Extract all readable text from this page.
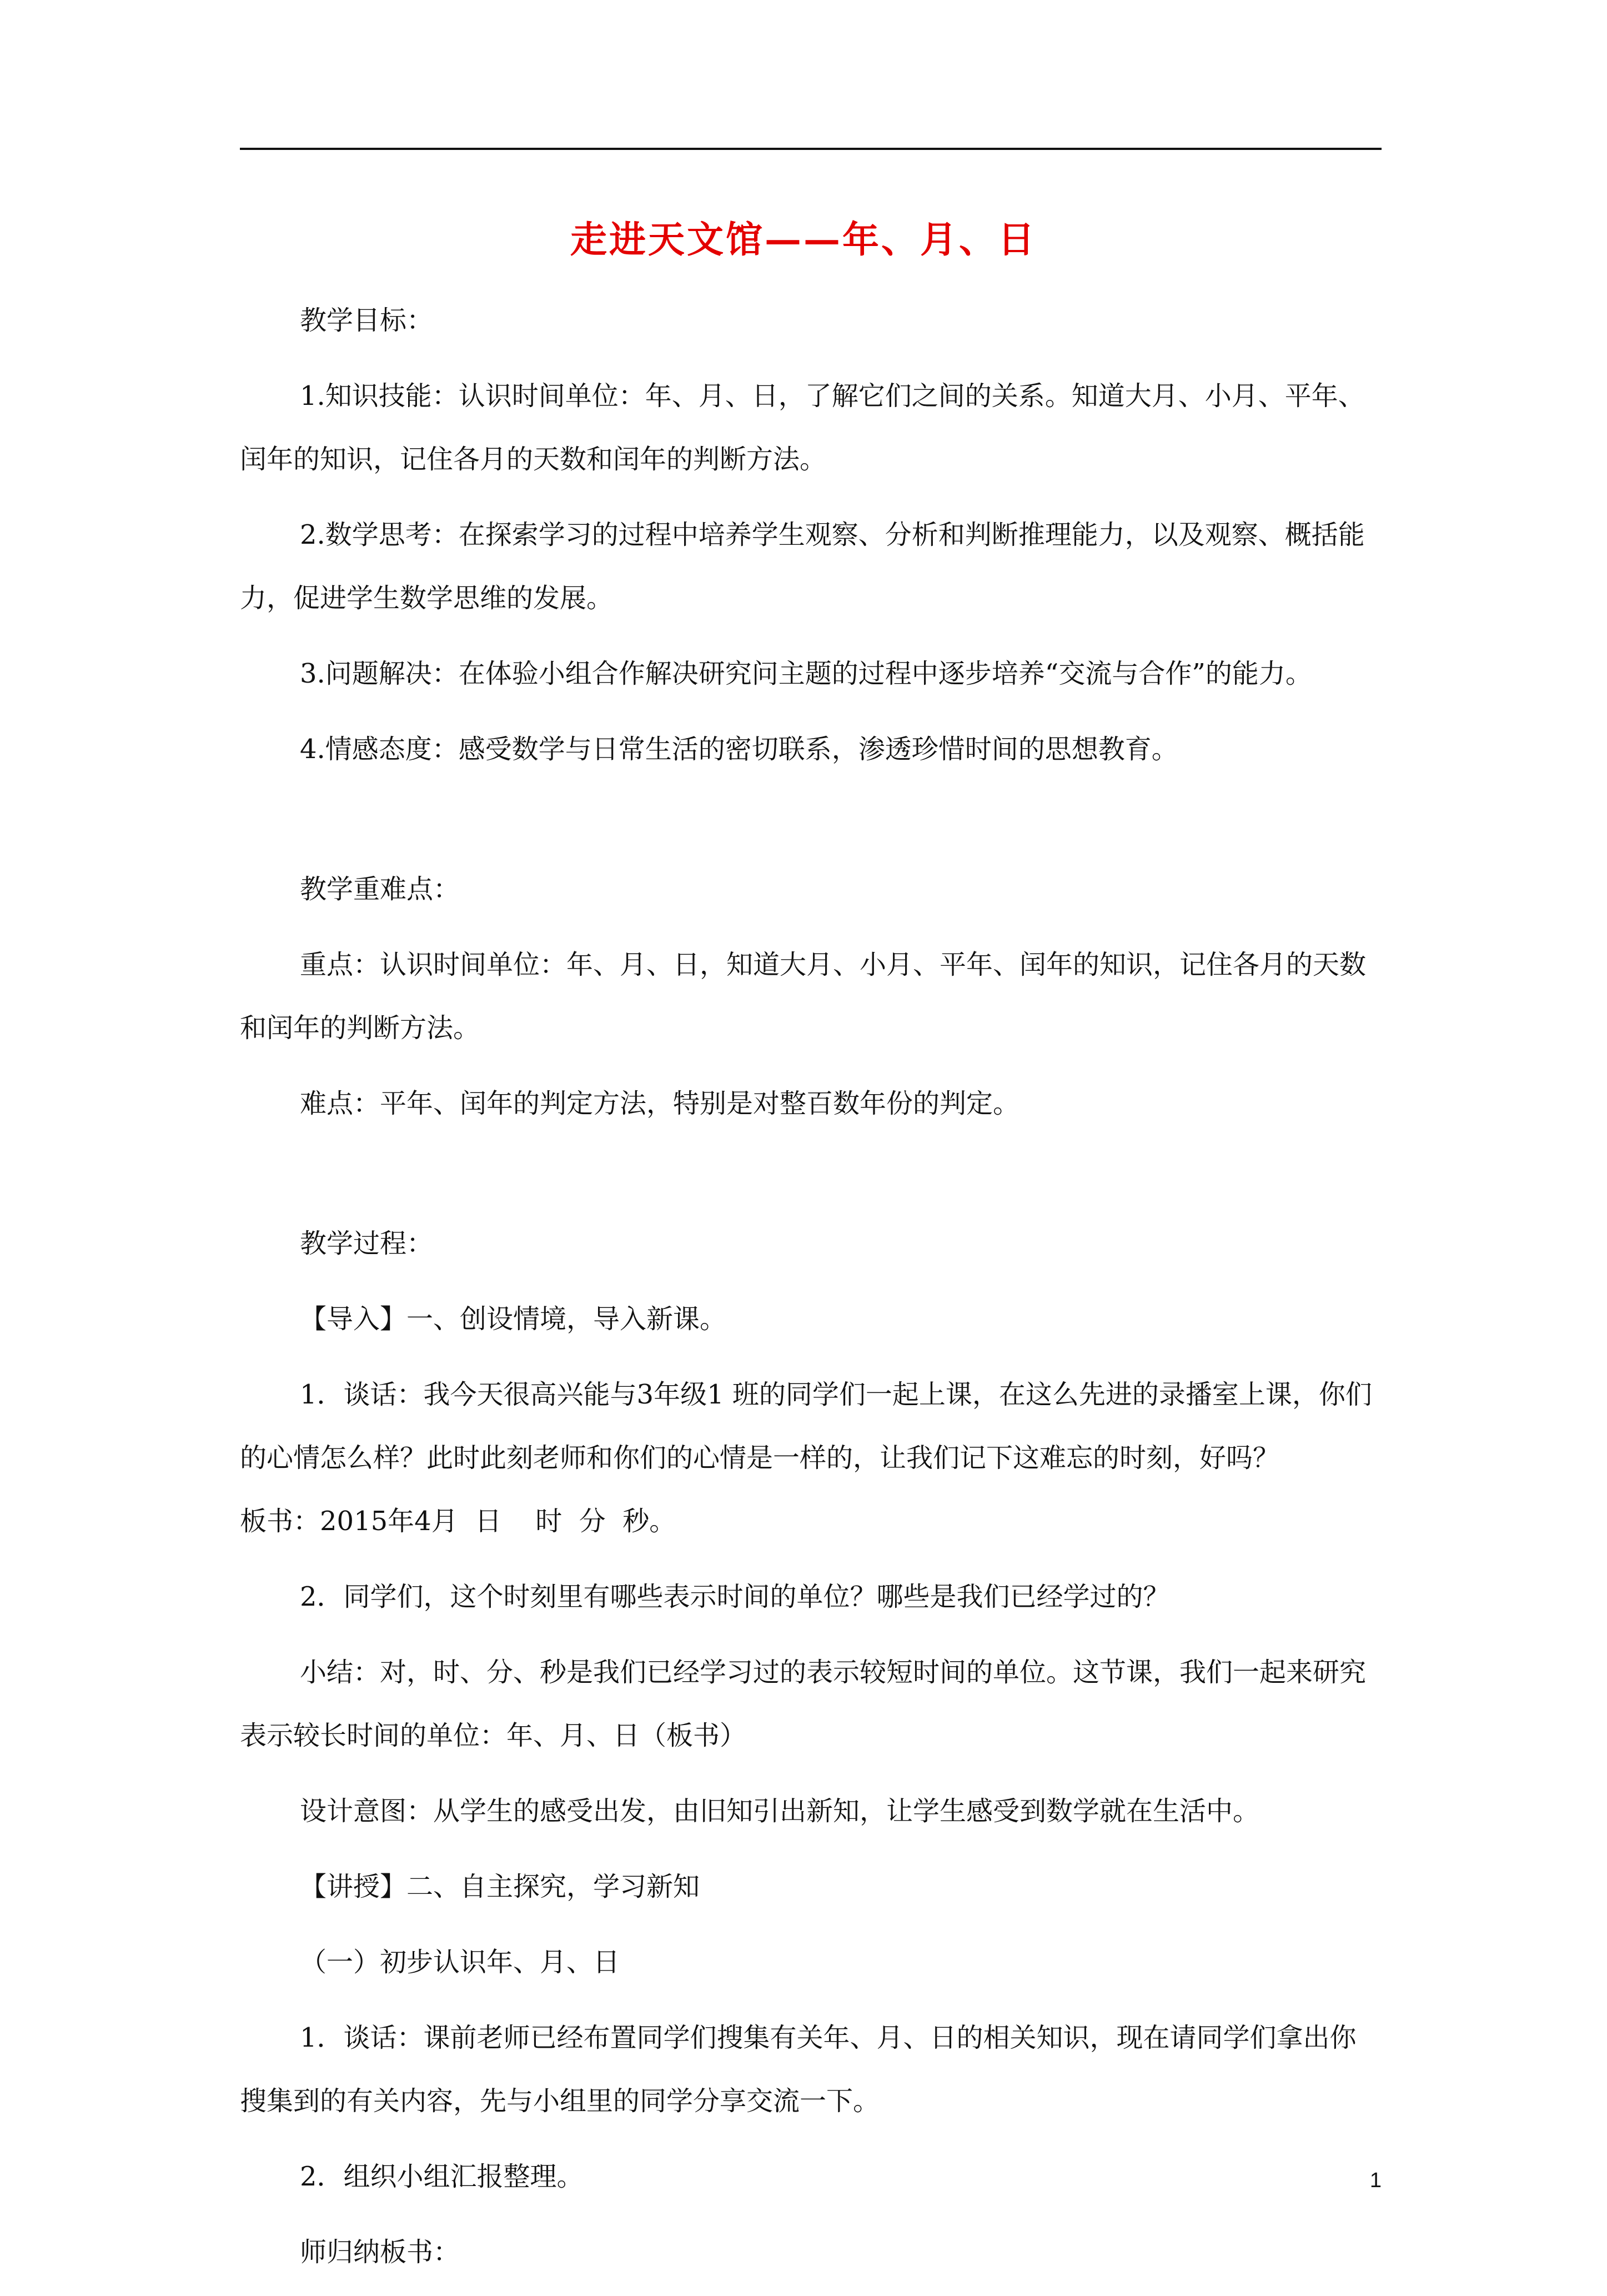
走进天文馆——年、月、日

教学目标：

1.知识技能：认识时间单位：年、月、日，了解它们之间的关系。知道大月、小月、平年、闰年的知识，记住各月的天数和闰年的判断方法。

2.数学思考：在探索学习的过程中培养学生观察、分析和判断推理能力，以及观察、概括能力，促进学生数学思维的发展。

3.问题解决：在体验小组合作解决研究问主题的过程中逐步培养“交流与合作”的能力。

4.情感态度：感受数学与日常生活的密切联系，渗透珍惜时间的思想教育。

教学重难点：

重点：认识时间单位：年、月、日，知道大月、小月、平年、闰年的知识，记住各月的天数和闰年的判断方法。

难点：平年、闰年的判定方法，特别是对整百数年份的判定。

教学过程：

【导入】一、创设情境，导入新课。

1．谈话：我今天很高兴能与3年级1 班的同学们一起上课，在这么先进的录播室上课，你们的心情怎么样？此时此刻老师和你们的心情是一样的，让我们记下这难忘的时刻，好吗？

板书：2015年4月  日    时  分  秒。

2．同学们，这个时刻里有哪些表示时间的单位？哪些是我们已经学过的？

小结：对，时、分、秒是我们已经学习过的表示较短时间的单位。这节课，我们一起来研究表示较长时间的单位：年、月、日（板书）

设计意图：从学生的感受出发，由旧知引出新知，让学生感受到数学就在生活中。

【讲授】二、自主探究，学习新知

（一）初步认识年、月、日

1．谈话：课前老师已经布置同学们搜集有关年、月、日的相关知识，现在请同学们拿出你搜集到的有关内容，先与小组里的同学分享交流一下。

2．组织小组汇报整理。

师归纳板书：

1
